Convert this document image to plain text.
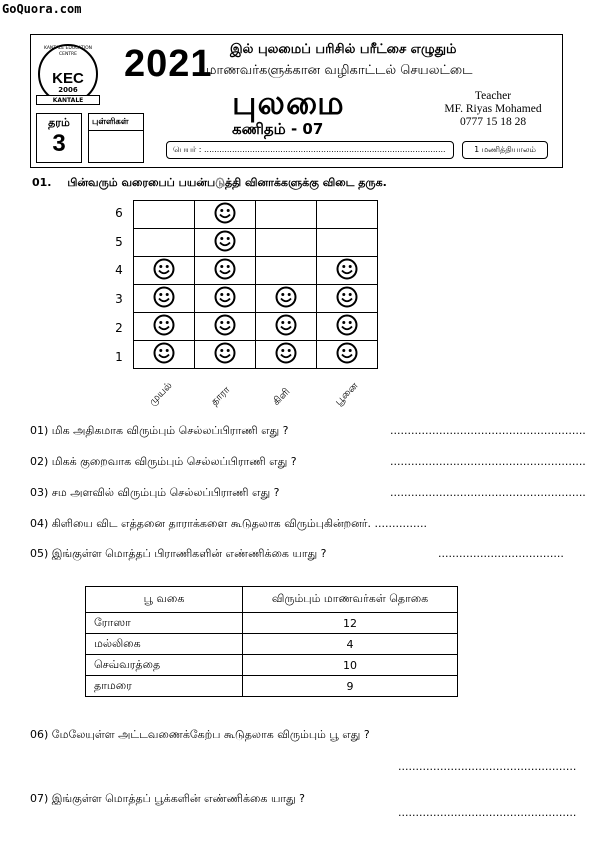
GoQuora.com
KANTALE EDUCATION CENTRE
KEC
2006
KANTALE
2021 இல் புலமைப் பரிசில் பரீட்சை எழுதும்
மாணவர்களுக்கான வழிகாட்டல் செயலட்டை
புலமை
கணிதம் - 07
Teacher
MF. Riyas Mohamed
0777 15 18 28
தரம்
3
புள்ளிகள்
பெயர் : ...............................................................................................	1 மணித்தியாலம்
01. பின்வரும் வரைபைப் பயன்படுத்தி வினாக்களுக்கு விடை தருக.

6
5
4
3
2
1
முயல்	தாரா	கிளி	பூனை
01) மிக அதிகமாக விரும்பும் செல்லப்பிராணி எது ?	........................................................
02) மிகக் குறைவாக விரும்பும் செல்லப்பிராணி எது ?	........................................................
03) சம அளவில் விரும்பும் செல்லப்பிராணி எது ?	........................................................
04) கிளியை விட எத்தனை தாராக்களை கூடுதலாக விரும்புகின்றனர். ...............
05) இங்குள்ள மொத்தப் பிராணிகளின் எண்ணிக்கை யாது ?	....................................
பூ வகை	விரும்பும் மாணவர்கள் தொகை
ரோஸா	12
மல்லிகை	4
செவ்வரத்தை	10
தாமரை	9
06) மேலேயுள்ள அட்டவணைக்கேற்ப கூடுதலாக விரும்பும் பூ எது ?
...................................................
07) இங்குள்ள மொத்தப் பூக்களின் எண்ணிக்கை யாது ?
...................................................
